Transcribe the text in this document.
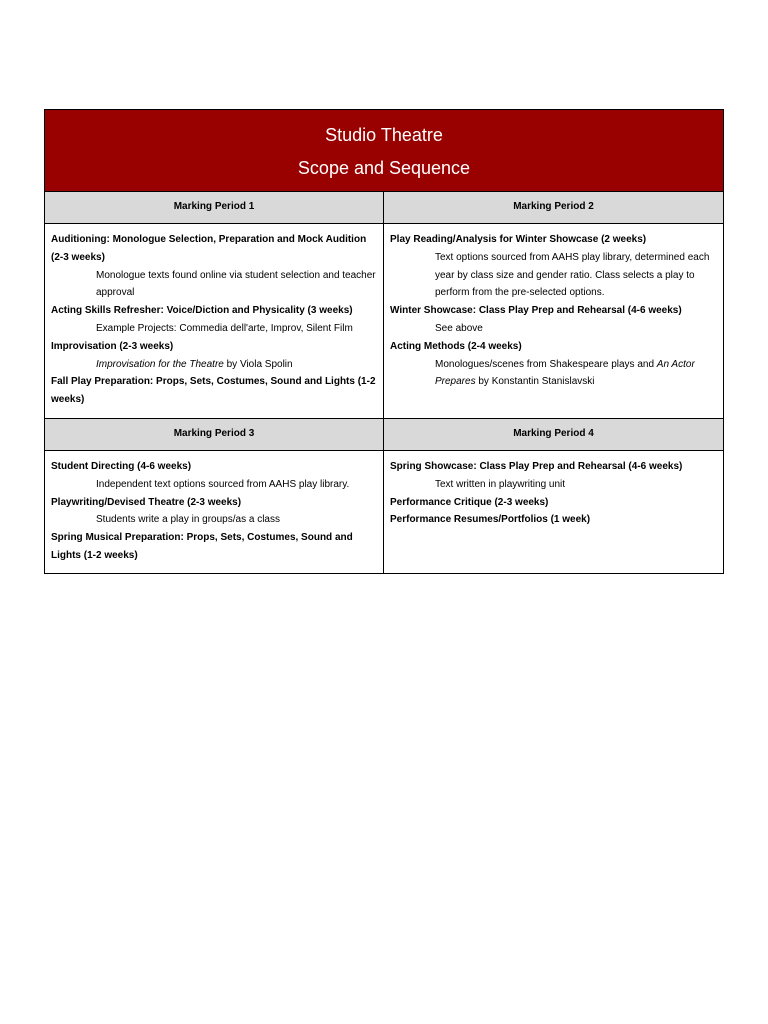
Studio Theatre
Scope and Sequence
Marking Period 1	Marking Period 2
Auditioning: Monologue Selection, Preparation and Mock Audition (2-3 weeks)
Monologue texts found online via student selection and teacher approval
Acting Skills Refresher: Voice/Diction and Physicality (3 weeks)
Example Projects: Commedia dell'arte, Improv, Silent Film
Improvisation (2-3 weeks)
Improvisation for the Theatre by Viola Spolin
Fall Play Preparation: Props, Sets, Costumes, Sound and Lights (1-2 weeks)
Play Reading/Analysis for Winter Showcase (2 weeks)
Text options sourced from AAHS play library, determined each year by class size and gender ratio. Class selects a play to perform from the pre-selected options.
Winter Showcase: Class Play Prep and Rehearsal (4-6 weeks)
See above
Acting Methods (2-4 weeks)
Monologues/scenes from Shakespeare plays and An Actor Prepares by Konstantin Stanislavski
Marking Period 3	Marking Period 4
Student Directing (4-6 weeks)
Independent text options sourced from AAHS play library.
Playwriting/Devised Theatre (2-3 weeks)
Students write a play in groups/as a class
Spring Musical Preparation: Props, Sets, Costumes, Sound and Lights (1-2 weeks)
Spring Showcase: Class Play Prep and Rehearsal (4-6 weeks)
Text written in playwriting unit
Performance Critique (2-3 weeks)
Performance Resumes/Portfolios (1 week)
